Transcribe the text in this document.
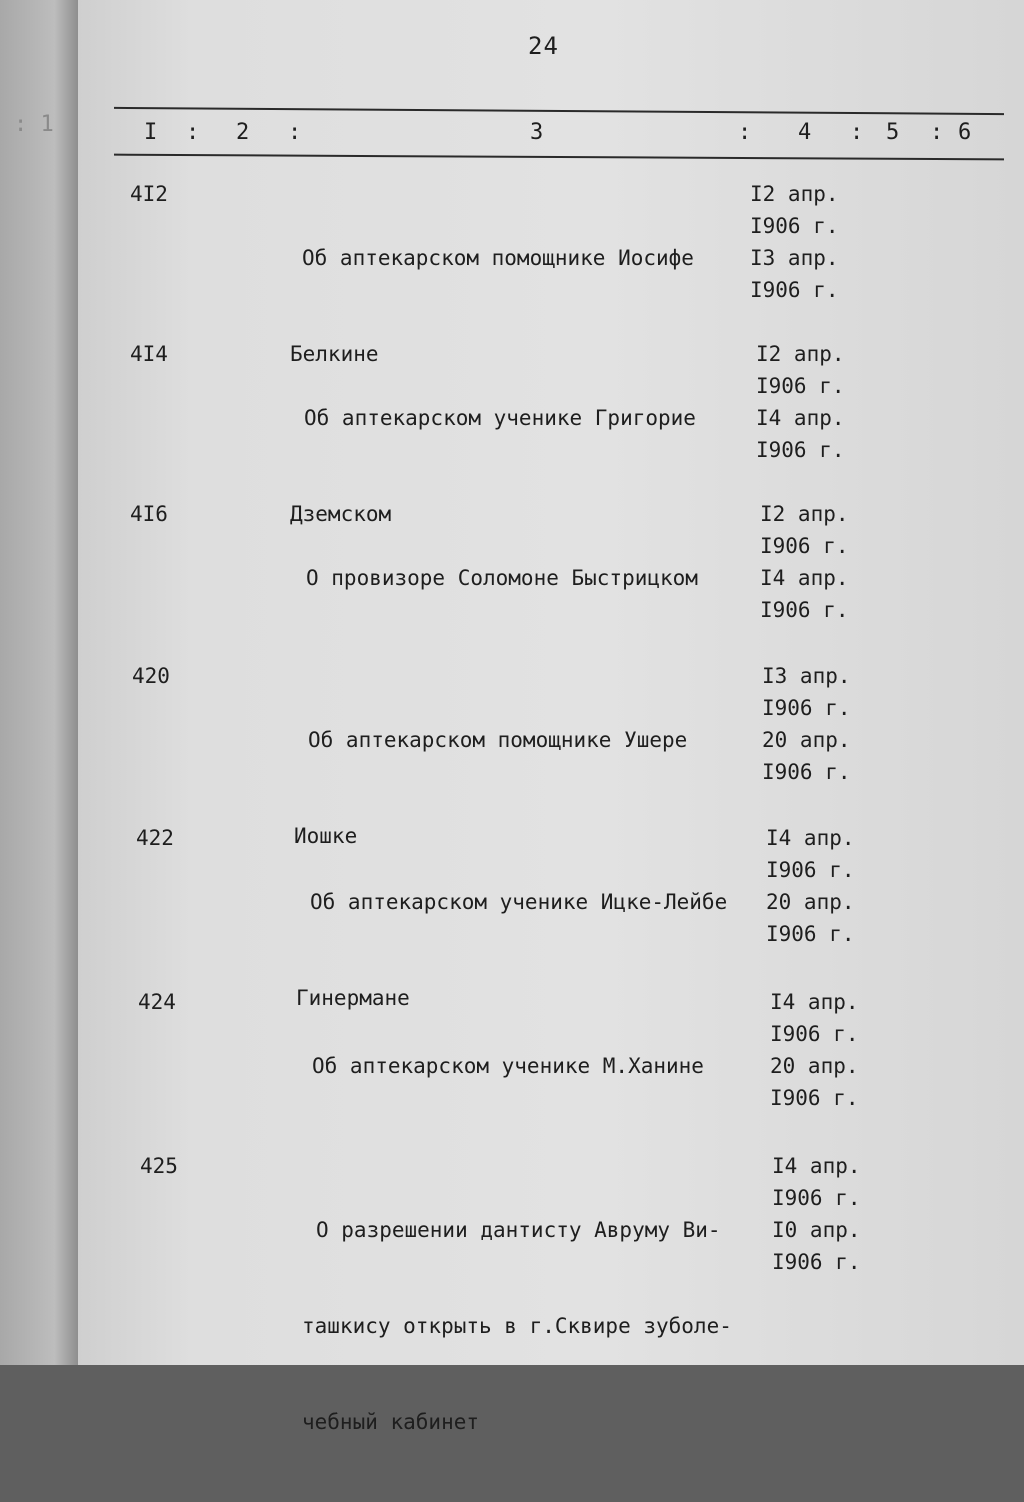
: 1
24
I : 2 :	3	: 4 : 5 : 6
4I2

Об аптекарском помощнике Иосифе

Белкине

I2 апр.
I906 г.
I3 апр.
I906 г.
4I4

Об аптекарском ученике Григорие

Дземском

I2 апр.
I906 г.
I4 апр.
I906 г.
4I6

О провизоре Соломоне Быстрицком

I2 апр.
I906 г.
I4 апр.
I906 г.
420

Об аптекарском помощнике Ушере

Иошке

I3 апр.
I906 г.
20 апр.
I906 г.
422

Об аптекарском ученике Ицке-Лейбе

Гинермане

I4 апр.
I906 г.
20 апр.
I906 г.
424

Об аптекарском ученике М.Ханине

I4 апр.
I906 г.
20 апр.
I906 г.
425

О разрешении дантисту Авруму Ви-

ташкису открыть в г.Сквире зуболе-

чебный кабинет

I4 апр.
I906 г.
I0 апр.
I906 г.
